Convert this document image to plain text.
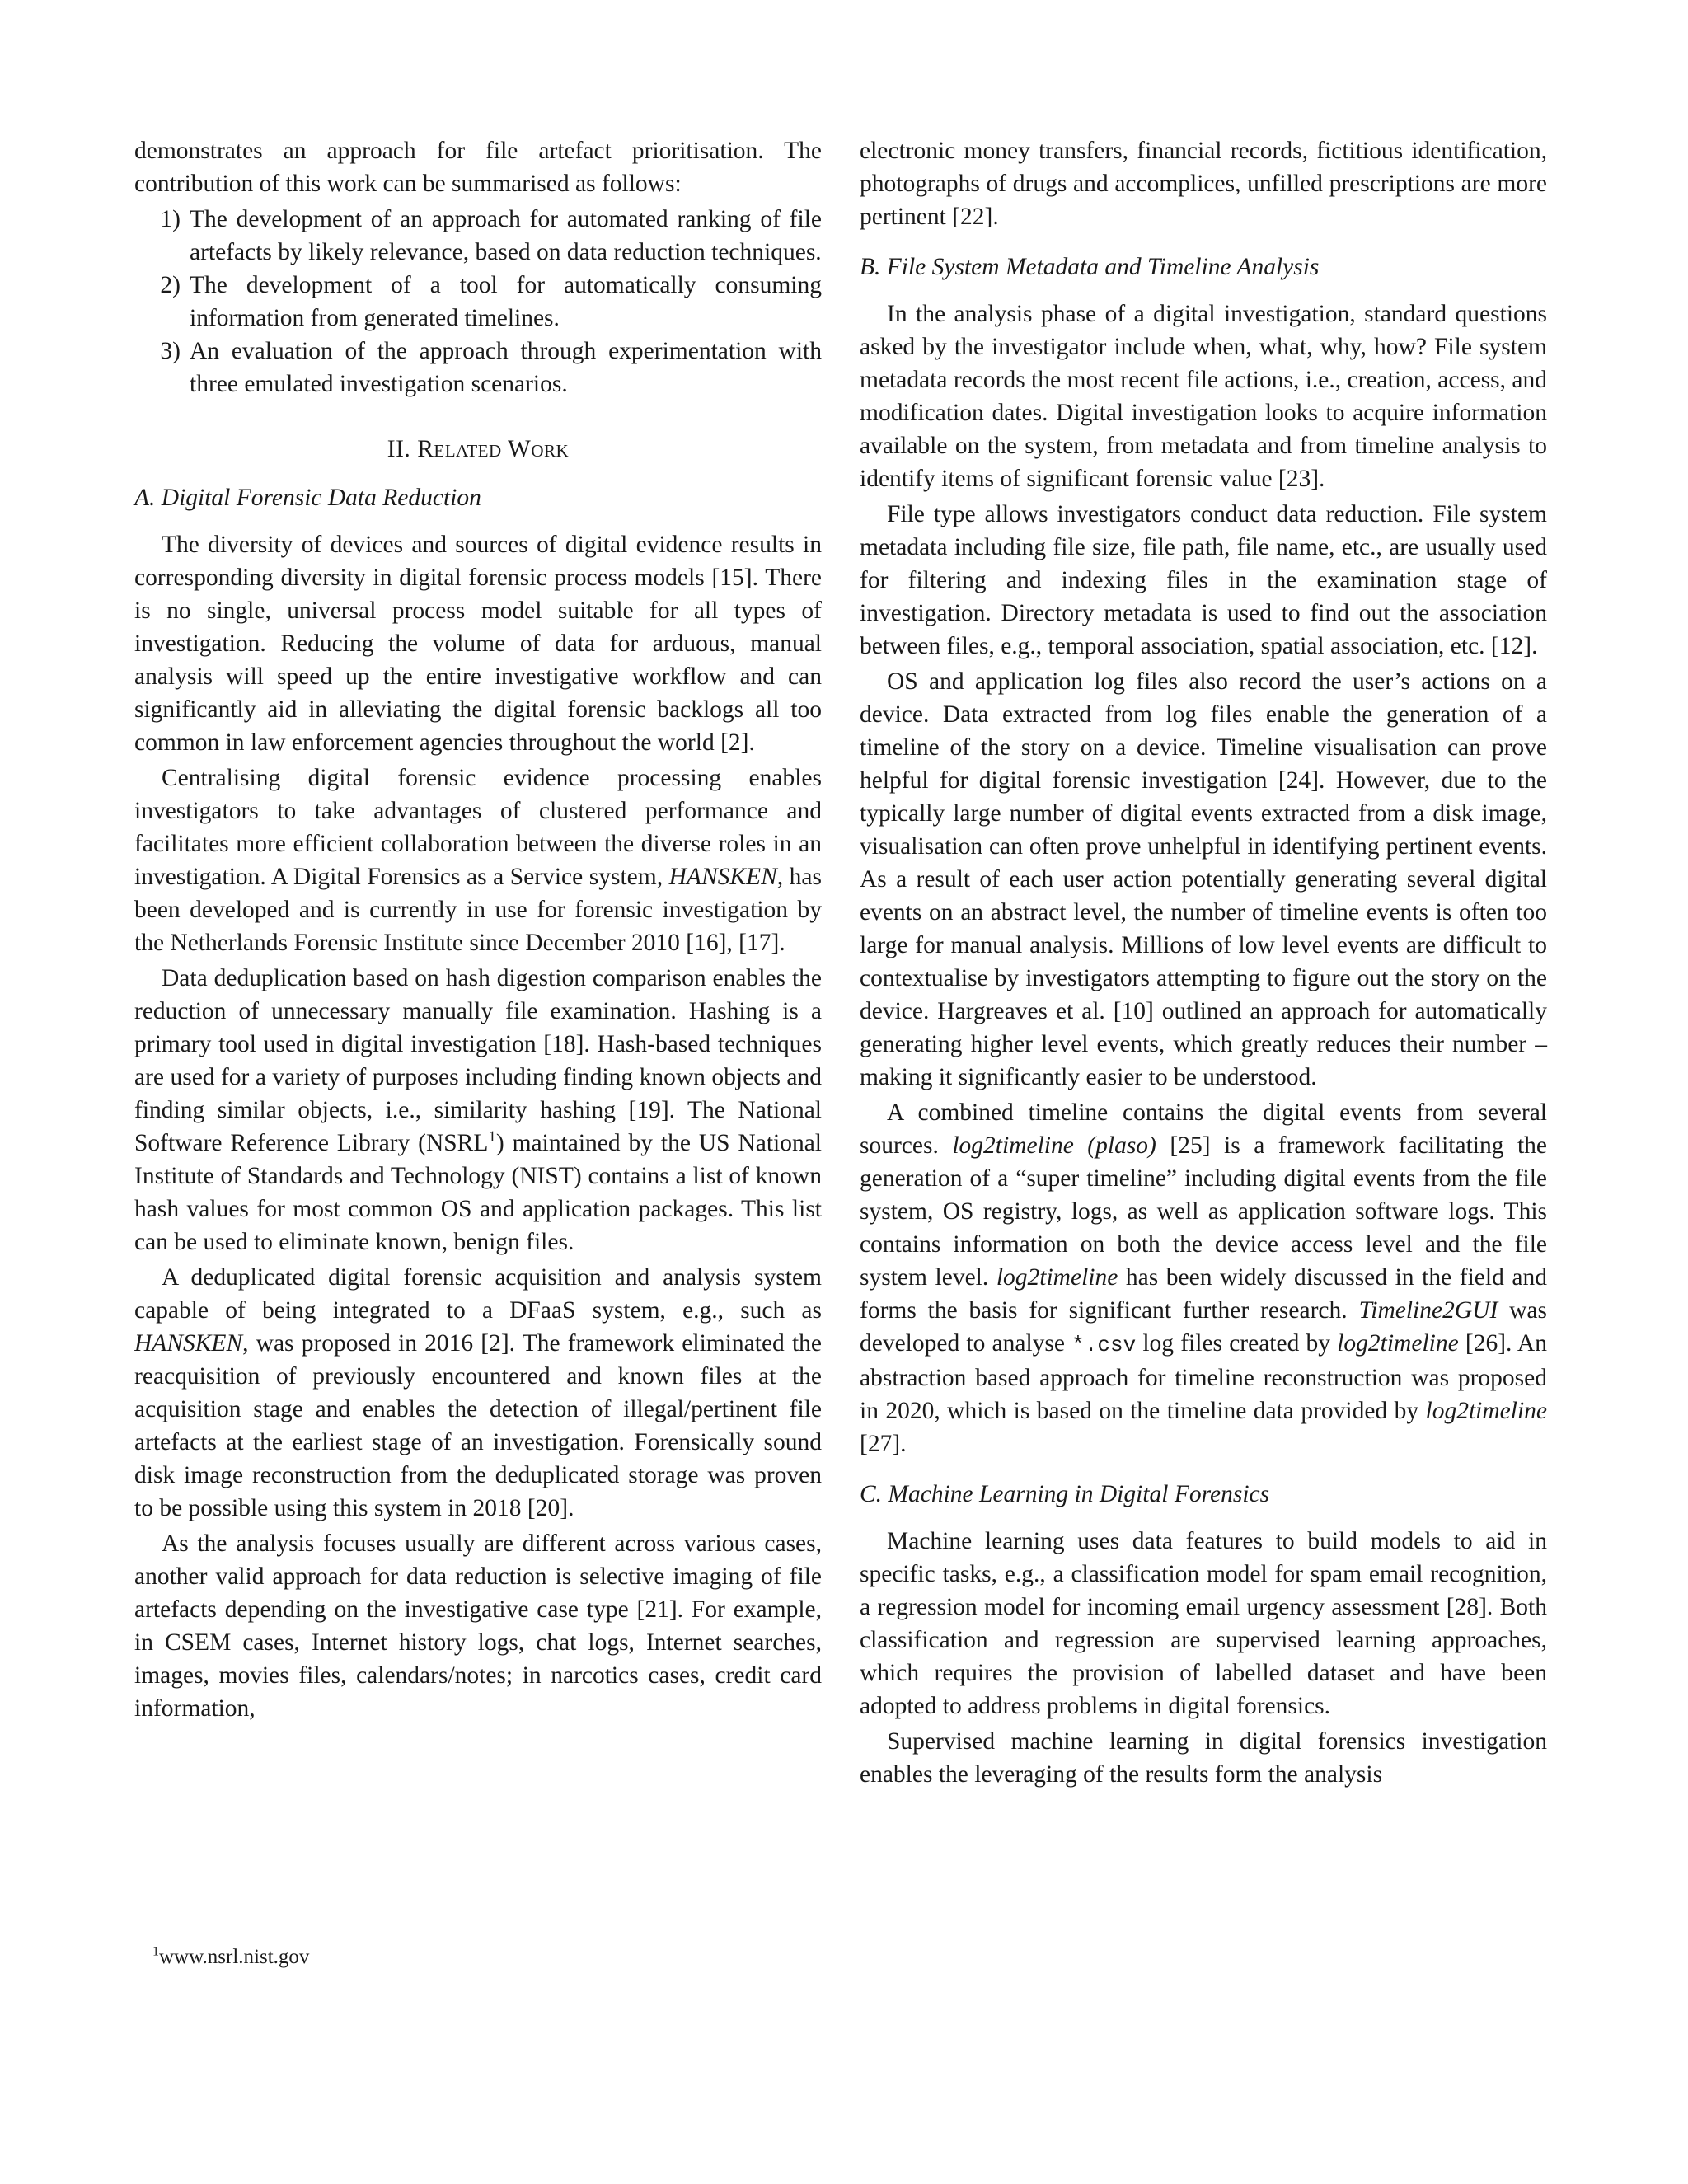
demonstrates an approach for file artefact prioritisation. The contribution of this work can be summarised as follows:

1) The development of an approach for automated ranking of file artefacts by likely relevance, based on data reduction techniques.
2) The development of a tool for automatically consuming information from generated timelines.
3) An evaluation of the approach through experimentation with three emulated investigation scenarios.
II. Related Work
A. Digital Forensic Data Reduction

The diversity of devices and sources of digital evidence results in corresponding diversity in digital forensic process models [15]. There is no single, universal process model suitable for all types of investigation. Reducing the volume of data for arduous, manual analysis will speed up the entire investigative workflow and can significantly aid in alleviating the digital forensic backlogs all too common in law enforcement agencies throughout the world [2].

Centralising digital forensic evidence processing enables investigators to take advantages of clustered performance and facilitates more efficient collaboration between the diverse roles in an investigation. A Digital Forensics as a Service system, HANSKEN, has been developed and is currently in use for forensic investigation by the Netherlands Forensic Institute since December 2010 [16], [17].

Data deduplication based on hash digestion comparison enables the reduction of unnecessary manually file examination. Hashing is a primary tool used in digital investigation [18]. Hash-based techniques are used for a variety of purposes including finding known objects and finding similar objects, i.e., similarity hashing [19]. The National Software Reference Library (NSRL$^1$) maintained by the US National Institute of Standards and Technology (NIST) contains a list of known hash values for most common OS and application packages. This list can be used to eliminate known, benign files.

A deduplicated digital forensic acquisition and analysis system capable of being integrated to a DFaaS system, e.g., such as HANSKEN, was proposed in 2016 [2]. The framework eliminated the reacquisition of previously encountered and known files at the acquisition stage and enables the detection of illegal/pertinent file artefacts at the earliest stage of an investigation. Forensically sound disk image reconstruction from the deduplicated storage was proven to be possible using this system in 2018 [20].

As the analysis focuses usually are different across various cases, another valid approach for data reduction is selective imaging of file artefacts depending on the investigative case type [21]. For example, in CSEM cases, Internet history logs, chat logs, Internet searches, images, movies files, calendars/notes; in narcotics cases, credit card information,

$^1$www.nsrl.nist.gov

electronic money transfers, financial records, fictitious identification, photographs of drugs and accomplices, unfilled prescriptions are more pertinent [22].

B. File System Metadata and Timeline Analysis

In the analysis phase of a digital investigation, standard questions asked by the investigator include when, what, why, how? File system metadata records the most recent file actions, i.e., creation, access, and modification dates. Digital investigation looks to acquire information available on the system, from metadata and from timeline analysis to identify items of significant forensic value [23].

File type allows investigators conduct data reduction. File system metadata including file size, file path, file name, etc., are usually used for filtering and indexing files in the examination stage of investigation. Directory metadata is used to find out the association between files, e.g., temporal association, spatial association, etc. [12].

OS and application log files also record the user’s actions on a device. Data extracted from log files enable the generation of a timeline of the story on a device. Timeline visualisation can prove helpful for digital forensic investigation [24]. However, due to the typically large number of digital events extracted from a disk image, visualisation can often prove unhelpful in identifying pertinent events. As a result of each user action potentially generating several digital events on an abstract level, the number of timeline events is often too large for manual analysis. Millions of low level events are difficult to contextualise by investigators attempting to figure out the story on the device. Hargreaves et al. [10] outlined an approach for automatically generating higher level events, which greatly reduces their number – making it significantly easier to be understood.

A combined timeline contains the digital events from several sources. log2timeline (plaso) [25] is a framework facilitating the generation of a “super timeline” including digital events from the file system, OS registry, logs, as well as application software logs. This contains information on both the device access level and the file system level. log2timeline has been widely discussed in the field and forms the basis for significant further research. Timeline2GUI was developed to analyse *.csv log files created by log2timeline [26]. An abstraction based approach for timeline reconstruction was proposed in 2020, which is based on the timeline data provided by log2timeline [27].

C. Machine Learning in Digital Forensics

Machine learning uses data features to build models to aid in specific tasks, e.g., a classification model for spam email recognition, a regression model for incoming email urgency assessment [28]. Both classification and regression are supervised learning approaches, which requires the provision of labelled dataset and have been adopted to address problems in digital forensics.

Supervised machine learning in digital forensics investigation enables the leveraging of the results form the analysis
